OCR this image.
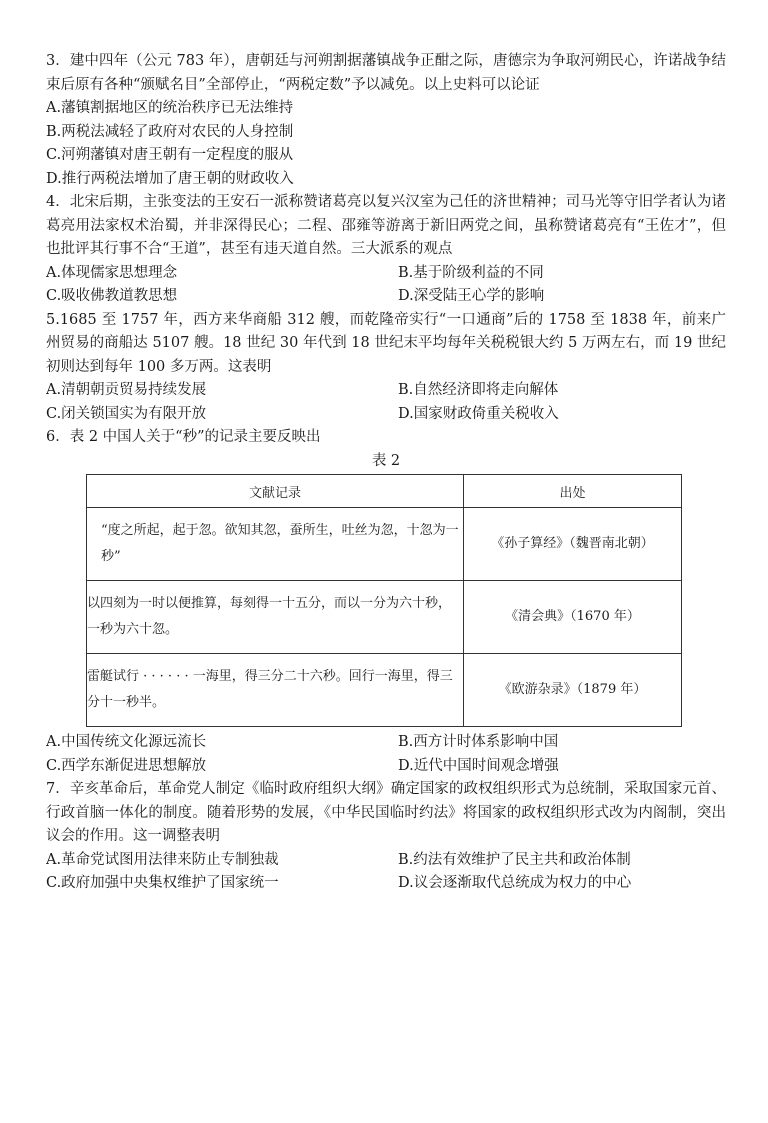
3．建中四年（公元 783 年），唐朝廷与河朔割据藩镇战争正酣之际，唐德宗为争取河朔民心，许诺战争结束后原有各种“颁赋名目”全部停止，“两税定数”予以减免。以上史料可以论证

A.藩镇割据地区的统治秩序已无法维持
B.两税法减轻了政府对农民的人身控制
C.河朔藩镇对唐王朝有一定程度的服从
D.推行两税法增加了唐王朝的财政收入

4．北宋后期，主张变法的王安石一派称赞诸葛亮以复兴汉室为己任的济世精神；司马光等守旧学者认为诸葛亮用法家权术治蜀，并非深得民心；二程、邵雍等游离于新旧两党之间，虽称赞诸葛亮有“王佐才”，但也批评其行事不合“王道”，甚至有违天道自然。三大派系的观点

A.体现儒家思想理念	B.基于阶级利益的不同
C.吸收佛教道教思想	D.深受陆王心学的影响

5.1685 至 1757 年，西方来华商船 312 艘，而乾隆帝实行“一口通商”后的 1758 至 1838 年，前来广州贸易的商船达 5107 艘。18 世纪 30 年代到 18 世纪末平均每年关税税银大约 5 万两左右，而 19 世纪初则达到每年 100 多万两。这表明

A.清朝朝贡贸易持续发展	B.自然经济即将走向解体
C.闭关锁国实为有限开放	D.国家财政倚重关税收入

6．表 2 中国人关于“秒”的记录主要反映出

表 2
文献记录	出处
“度之所起，起于忽。欲知其忽，蚕所生，吐丝为忽，十忽为一秒”	《孙子算经》（魏晋南北朝）
以四刻为一时以便推算，每刻得一十五分，而以一分为六十秒，一秒为六十忽。	《清会典》（1670 年）
雷艇试行 · · · · · · 一海里，得三分二十六秒。回行一海里，得三分十一秒半。	《欧游杂录》（1879 年）
A.中国传统文化源远流长	B.西方计时体系影响中国
C.西学东渐促进思想解放	D.近代中国时间观念增强

7．辛亥革命后，革命党人制定《临时政府组织大纲》确定国家的政权组织形式为总统制，采取国家元首、行政首脑一体化的制度。随着形势的发展，《中华民国临时约法》将国家的政权组织形式改为内阁制，突出议会的作用。这一调整表明

A.革命党试图用法律来防止专制独裁	B.约法有效维护了民主共和政治体制
C.政府加强中央集权维护了国家统一	D.议会逐渐取代总统成为权力的中心
